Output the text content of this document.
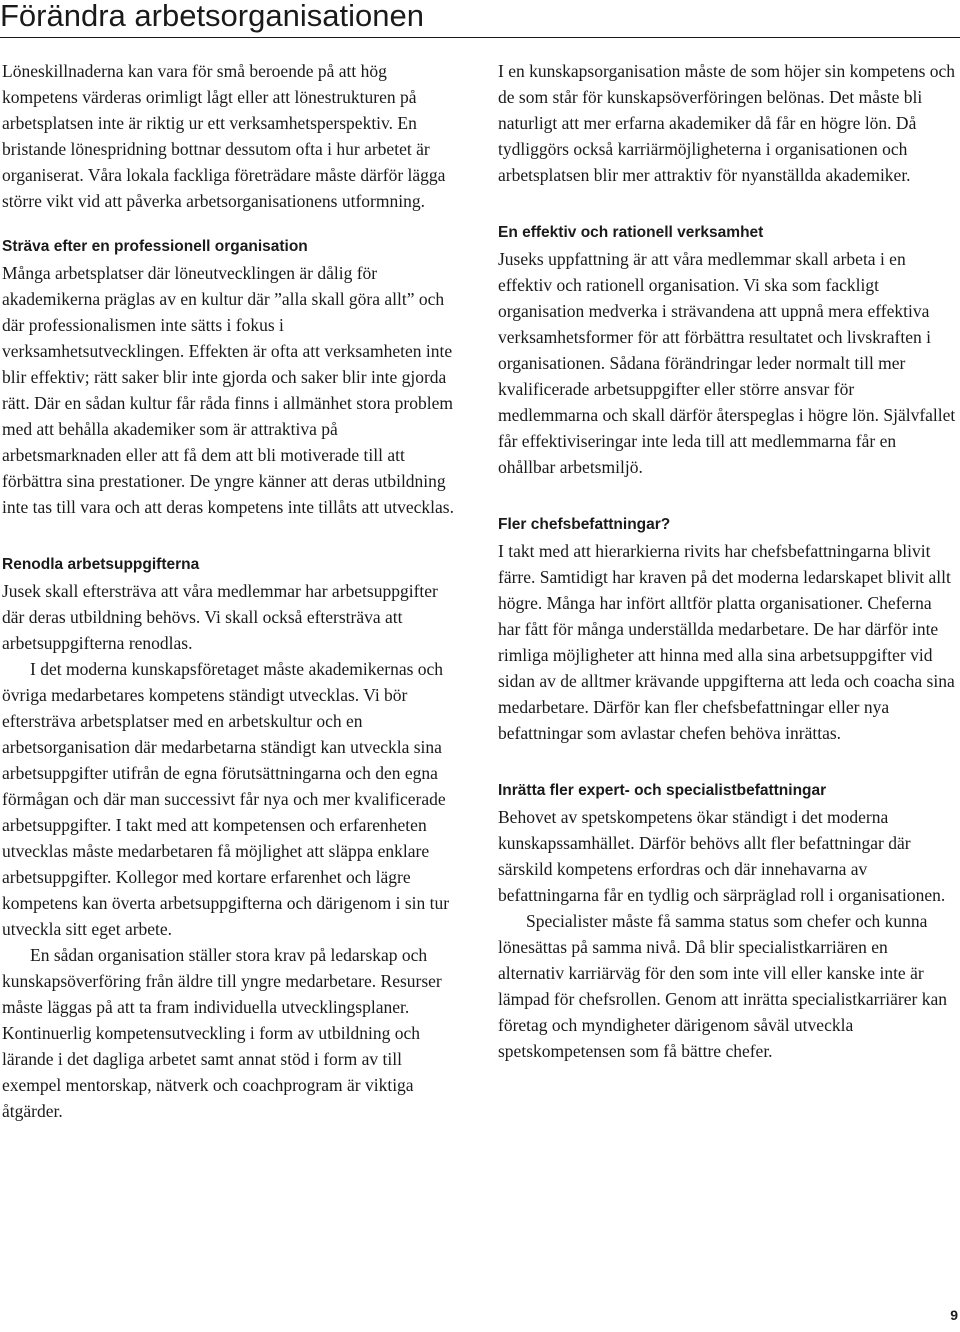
Förändra arbetsorganisationen

Löneskillnaderna kan vara för små beroende på att hög kompetens värderas orimligt lågt eller att lönestrukturen på arbetsplatsen inte är riktig ur ett verksamhetsperspektiv. En bristande lönespridning bottnar dessutom ofta i hur arbetet är organiserat. Våra lokala fackliga företrädare måste därför lägga större vikt vid att påverka arbetsorganisationens utformning.

Sträva efter en professionell organisation

Många arbetsplatser där löneutvecklingen är dålig för akademikerna präglas av en kultur där ”alla skall göra allt” och där professionalismen inte sätts i fokus i verksamhetsutvecklingen. Effekten är ofta att verksamheten inte blir effektiv; rätt saker blir inte gjorda och saker blir inte gjorda rätt. Där en sådan kultur får råda finns i allmänhet stora problem med att behålla akademiker som är attraktiva på arbetsmarknaden eller att få dem att bli motiverade till att förbättra sina prestationer. De yngre känner att deras utbildning inte tas till vara och att deras kompetens inte tillåts att utvecklas.

Renodla arbetsuppgifterna

Jusek skall eftersträva att våra medlemmar har arbetsuppgifter där deras utbildning behövs. Vi skall också eftersträva att arbetsuppgifterna renodlas.

I det moderna kunskapsföretaget måste akademikernas och övriga medarbetares kompetens ständigt utvecklas. Vi bör eftersträva arbetsplatser med en arbetskultur och en arbetsorganisation där medarbetarna ständigt kan utveckla sina arbetsuppgifter utifrån de egna förutsättningarna och den egna förmågan och där man successivt får nya och mer kvalificerade arbetsuppgifter. I takt med att kompetensen och erfarenheten utvecklas måste medarbetaren få möjlighet att släppa enklare arbetsuppgifter. Kollegor med kortare erfarenhet och lägre kompetens kan överta arbetsuppgifterna och därigenom i sin tur utveckla sitt eget arbete.

En sådan organisation ställer stora krav på ledarskap och kunskapsöverföring från äldre till yngre medarbetare. Resurser måste läggas på att ta fram individuella utvecklingsplaner. Kontinuerlig kompetensutveckling i form av utbildning och lärande i det dagliga arbetet samt annat stöd i form av till exempel mentorskap, nätverk och coachprogram är viktiga åtgärder.

I en kunskapsorganisation måste de som höjer sin kompetens och de som står för kunskapsöverföringen belönas. Det måste bli naturligt att mer erfarna akademiker då får en högre lön. Då tydliggörs också karriärmöjligheterna i organisationen och arbetsplatsen blir mer attraktiv för nyanställda akademiker.

En effektiv och rationell verksamhet

Juseks uppfattning är att våra medlemmar skall arbeta i en effektiv och rationell organisation. Vi ska som fackligt organisation medverka i strävandena att uppnå mera effektiva verksamhetsformer för att förbättra resultatet och livskraften i organisationen. Sådana förändringar leder normalt till mer kvalificerade arbetsuppgifter eller större ansvar för medlemmarna och skall därför återspeglas i högre lön. Självfallet får effektiviseringar inte leda till att medlemmarna får en ohållbar arbetsmiljö.

Fler chefsbefattningar?

I takt med att hierarkierna rivits har chefsbefattningarna blivit färre. Samtidigt har kraven på det moderna ledarskapet blivit allt högre. Många har infört alltför platta organisationer. Cheferna har fått för många underställda medarbetare. De har därför inte rimliga möjligheter att hinna med alla sina arbetsuppgifter vid sidan av de alltmer krävande uppgifterna att leda och coacha sina medarbetare. Därför kan fler chefsbefattningar eller nya befattningar som avlastar chefen behöva inrättas.

Inrätta fler expert- och specialistbefattningar

Behovet av spetskompetens ökar ständigt i det moderna kunskapssamhället. Därför behövs allt fler befattningar där särskild kompetens erfordras och där innehavarna av befattningarna får en tydlig och särpräglad roll i organisationen.

Specialister måste få samma status som chefer och kunna lönesättas på samma nivå. Då blir specialistkarriären en alternativ karriärväg för den som inte vill eller kanske inte är lämpad för chefsrollen. Genom att inrätta specialistkarriärer kan företag och myndigheter därigenom såväl utveckla spetskompetensen som få bättre chefer.

9
